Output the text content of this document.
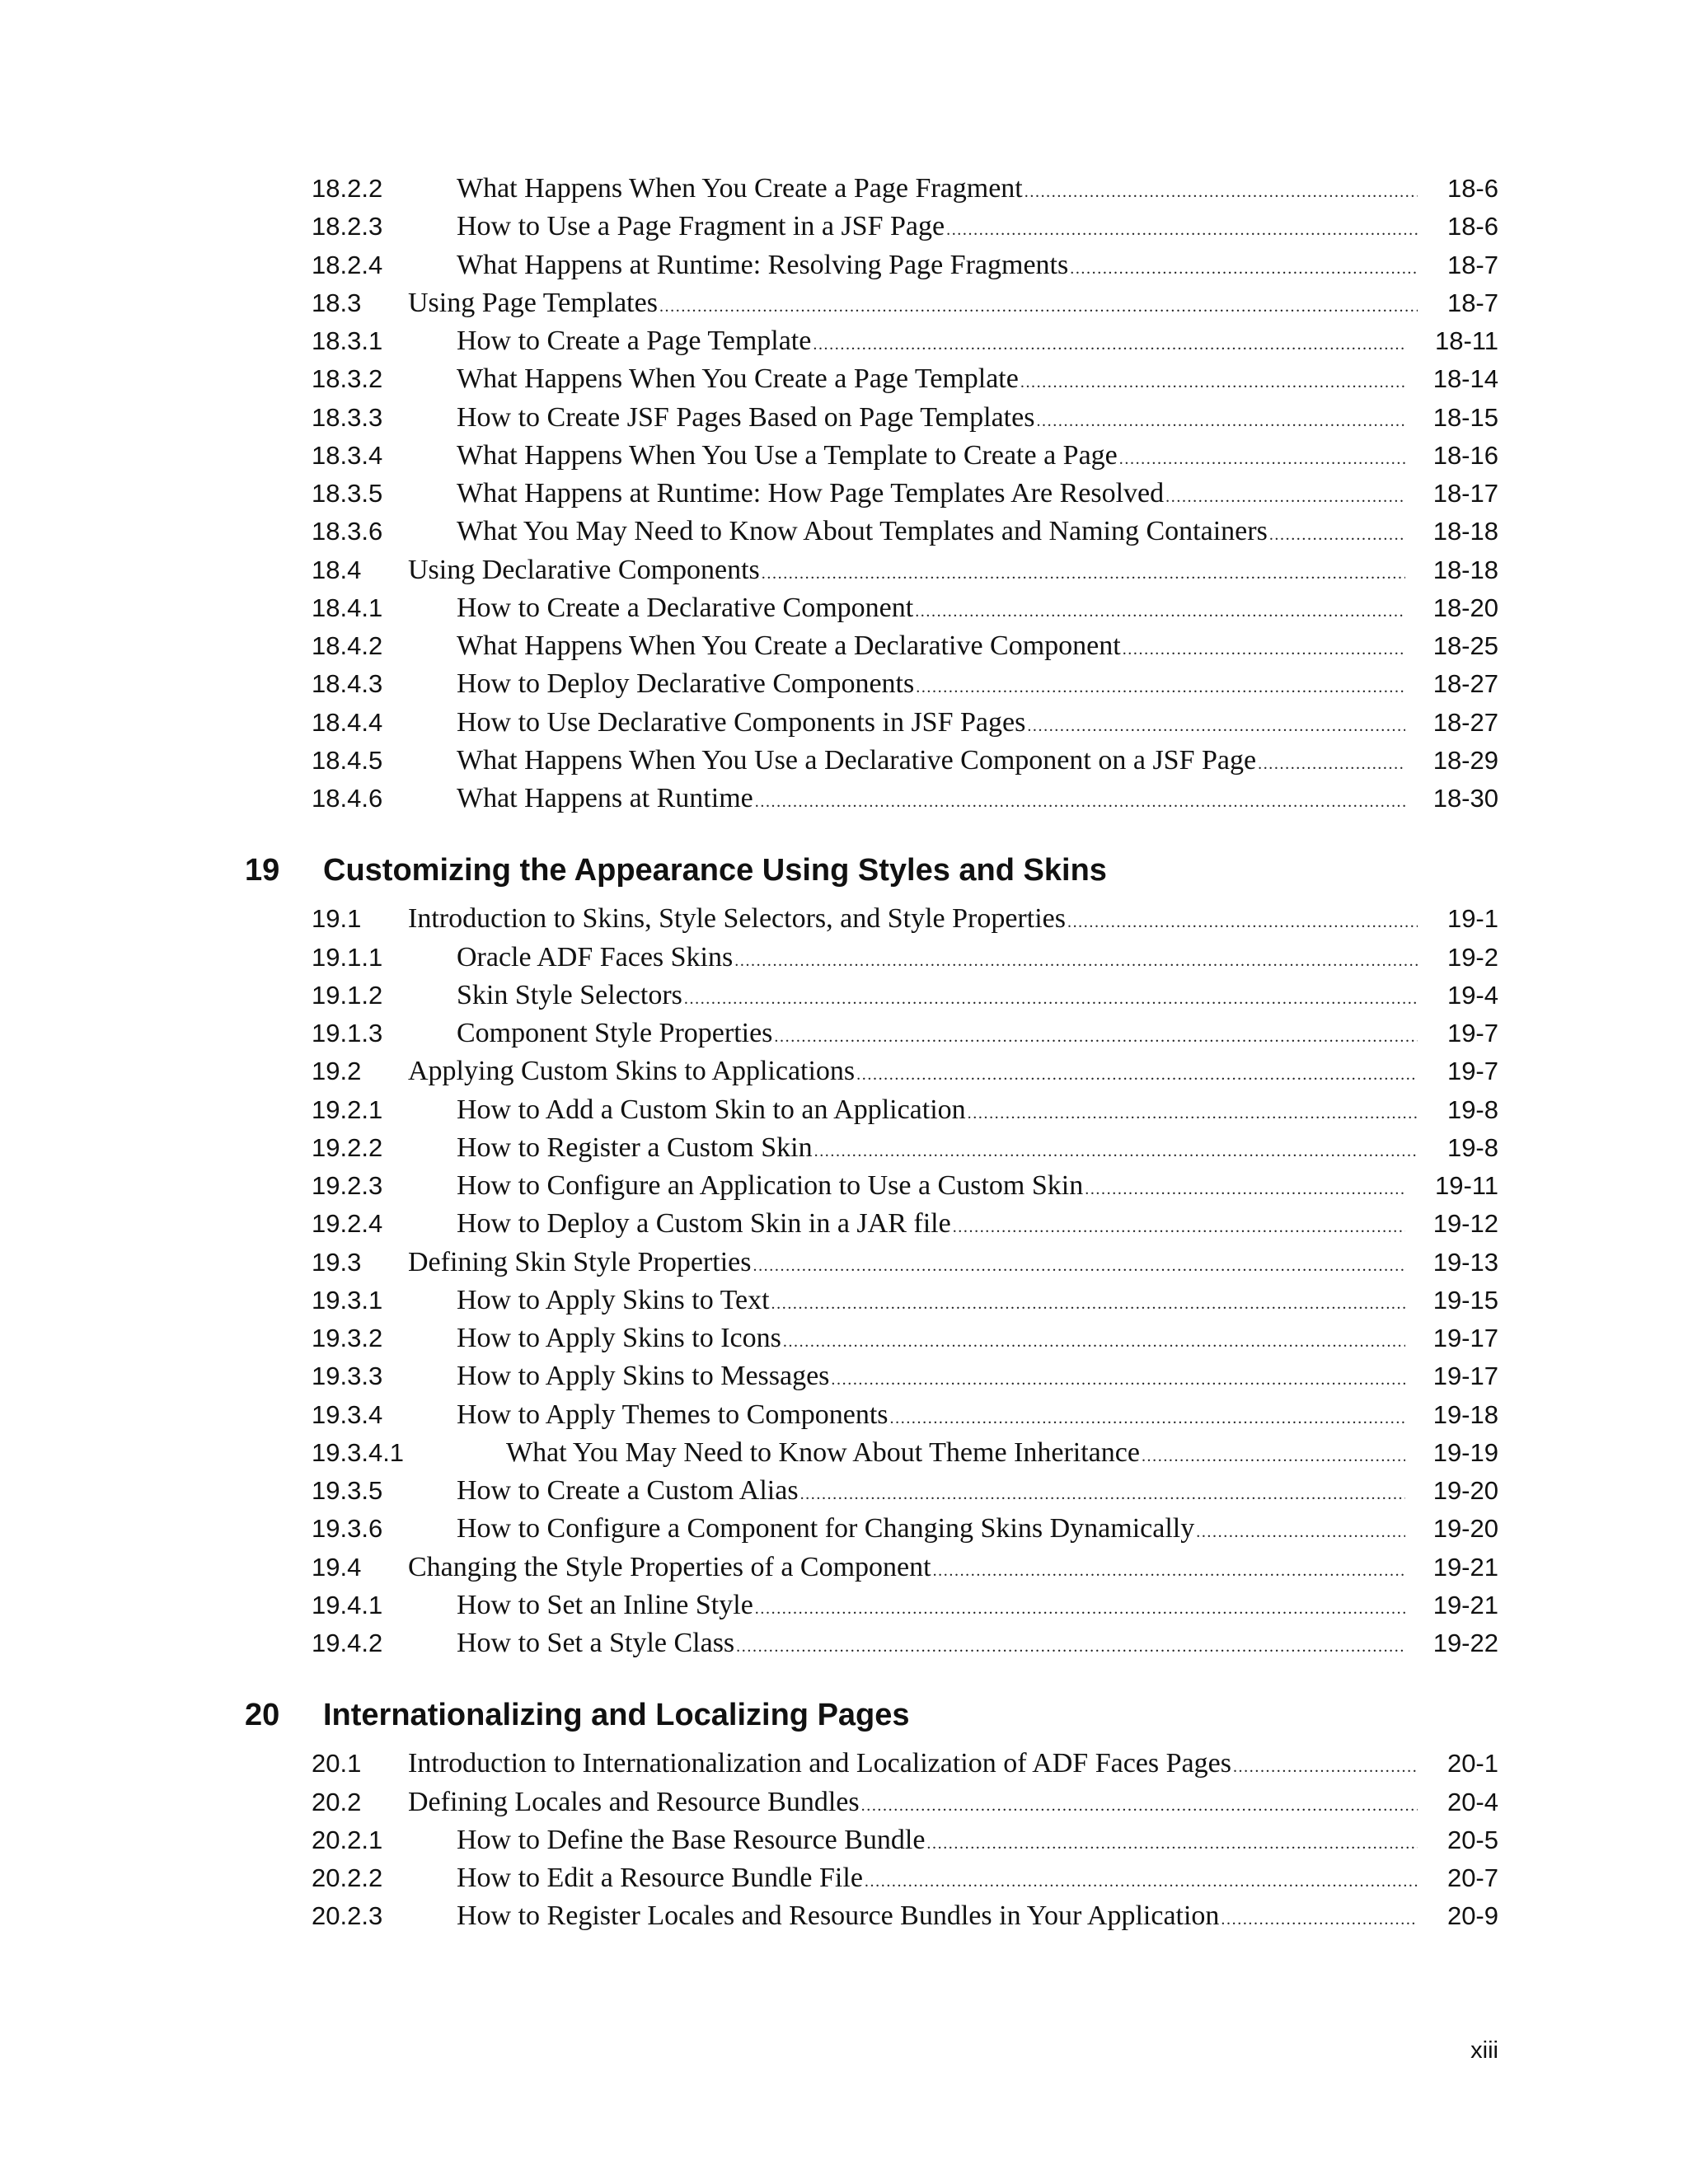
18.2.2	What Happens When You Create a Page Fragment .....	18-6
18.2.3	How to Use a Page Fragment in a JSF Page .....	18-6
18.2.4	What Happens at Runtime: Resolving Page Fragments .....	18-7
18.3 Using Page Templates .....	18-7
18.3.1	How to Create a Page Template .....	18-11
18.3.2	What Happens When You Create a Page Template .....	18-14
18.3.3	How to Create JSF Pages Based on Page Templates .....	18-15
18.3.4	What Happens When You Use a Template to Create a Page .....	18-16
18.3.5	What Happens at Runtime: How Page Templates Are Resolved .....	18-17
18.3.6	What You May Need to Know About Templates and Naming Containers .....	18-18
18.4 Using Declarative Components .....	18-18
18.4.1	How to Create a Declarative Component .....	18-20
18.4.2	What Happens When You Create a Declarative Component .....	18-25
18.4.3	How to Deploy Declarative Components .....	18-27
18.4.4	How to Use Declarative Components in JSF Pages .....	18-27
18.4.5	What Happens When You Use a Declarative Component on a JSF Page .....	18-29
18.4.6	What Happens at Runtime .....	18-30
19 Customizing the Appearance Using Styles and Skins
19.1 Introduction to Skins, Style Selectors, and Style Properties .....	19-1
19.1.1	Oracle ADF Faces Skins .....	19-2
19.1.2	Skin Style Selectors .....	19-4
19.1.3	Component Style Properties .....	19-7
19.2 Applying Custom Skins to Applications .....	19-7
19.2.1	How to Add a Custom Skin to an Application .....	19-8
19.2.2	How to Register a Custom Skin .....	19-8
19.2.3	How to Configure an Application to Use a Custom Skin .....	19-11
19.2.4	How to Deploy a Custom Skin in a JAR file .....	19-12
19.3 Defining Skin Style Properties .....	19-13
19.3.1	How to Apply Skins to Text .....	19-15
19.3.2	How to Apply Skins to Icons .....	19-17
19.3.3	How to Apply Skins to Messages .....	19-17
19.3.4	How to Apply Themes to Components .....	19-18
19.3.4.1	What You May Need to Know About Theme Inheritance .....	19-19
19.3.5	How to Create a Custom Alias .....	19-20
19.3.6	How to Configure a Component for Changing Skins Dynamically .....	19-20
19.4 Changing the Style Properties of a Component .....	19-21
19.4.1	How to Set an Inline Style .....	19-21
19.4.2	How to Set a Style Class .....	19-22
20 Internationalizing and Localizing Pages
20.1 Introduction to Internationalization and Localization of ADF Faces Pages .....	20-1
20.2 Defining Locales and Resource Bundles .....	20-4
20.2.1	How to Define the Base Resource Bundle .....	20-5
20.2.2	How to Edit a Resource Bundle File .....	20-7
20.2.3	How to Register Locales and Resource Bundles in Your Application .....	20-9
xiii
